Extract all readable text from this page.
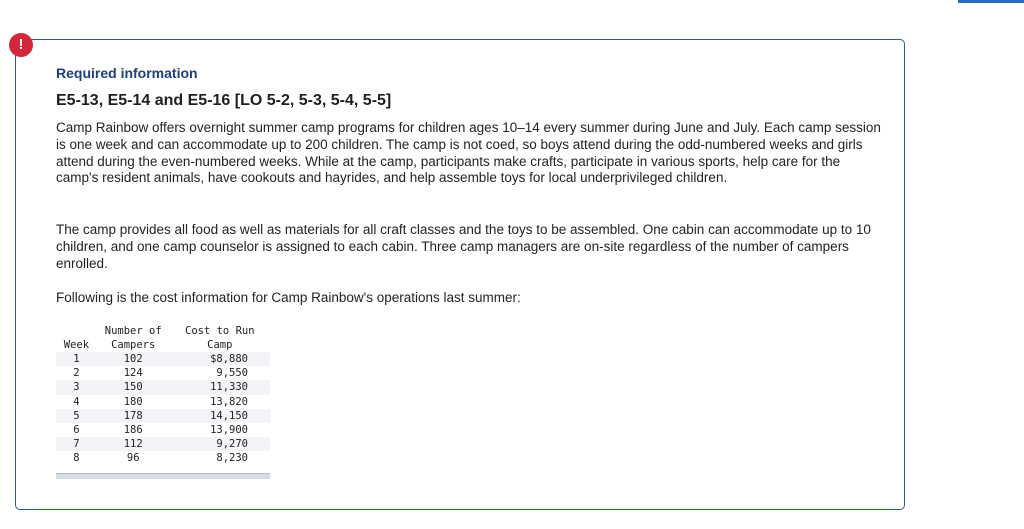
!
Required information
E5-13, E5-14 and E5-16 [LO 5-2, 5-3, 5-4, 5-5]

Camp Rainbow offers overnight summer camp programs for children ages 10–14 every summer during June and July. Each camp session is one week and can accommodate up to 200 children. The camp is not coed, so boys attend during the odd-numbered weeks and girls attend during the even-numbered weeks. While at the camp, participants make crafts, participate in various sports, help care for the camp's resident animals, have cookouts and hayrides, and help assemble toys for local underprivileged children.

The camp provides all food as well as materials for all craft classes and the toys to be assembled. One cabin can accommodate up to 10 children, and one camp counselor is assigned to each cabin. Three camp managers are on-site regardless of the number of campers enrolled.

Following is the cost information for Camp Rainbow's operations last summer:

	Number of	Cost to Run
Week	Campers	Camp
1	102	$8,880
2	124	9,550
3	150	11,330
4	180	13,820
5	178	14,150
6	186	13,900
7	112	9,270
8	96	8,230
